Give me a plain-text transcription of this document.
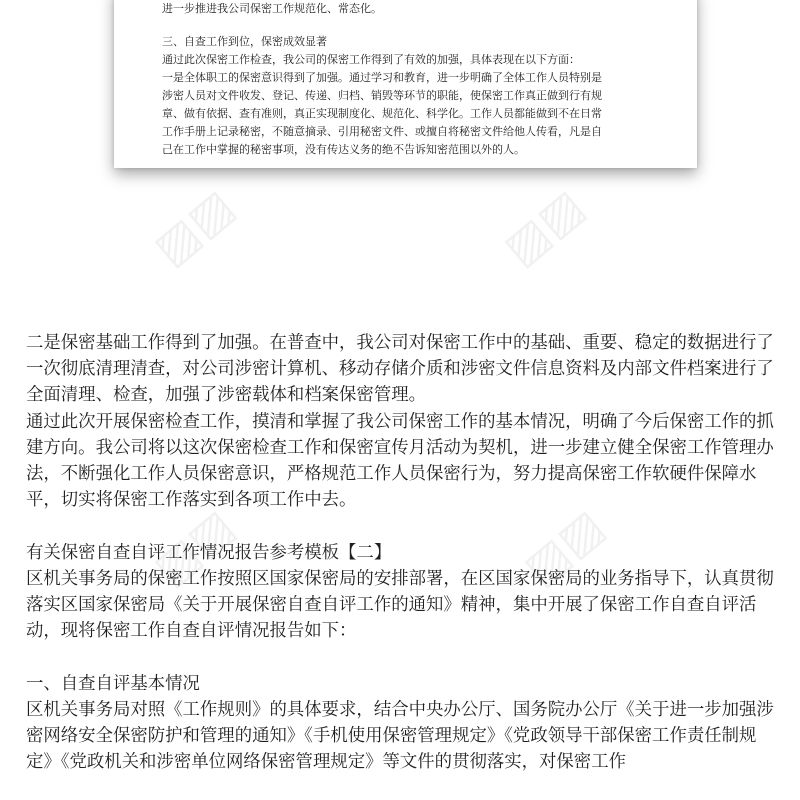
进一步推进我公司保密工作规范化、常态化。

三、自查工作到位，保密成效显著

通过此次保密工作检查，我公司的保密工作得到了有效的加强，具体表现在以下方面：

一是全体职工的保密意识得到了加强。通过学习和教育，进一步明确了全体工作人员特别是

涉密人员对文件收发、登记、传递、归档、销毁等环节的职能，使保密工作真正做到行有规

章、做有依据、查有准则，真正实现制度化、规范化、科学化。工作人员都能做到不在日常

工作手册上记录秘密，不随意摘录、引用秘密文件、或擅自将秘密文件给他人传看，凡是自

己在工作中掌握的秘密事项，没有传达义务的绝不告诉知密范围以外的人。

二是保密基础工作得到了加强。在普查中，我公司对保密工作中的基础、重要、稳定的数据进行了一次彻底清理清查，对公司涉密计算机、移动存储介质和涉密文件信息资料及内部文件档案进行了全面清理、检查，加强了涉密载体和档案保密管理。

通过此次开展保密检查工作，摸清和掌握了我公司保密工作的基本情况，明确了今后保密工作的抓建方向。我公司将以这次保密检查工作和保密宣传月活动为契机，进一步建立健全保密工作管理办法，不断强化工作人员保密意识，严格规范工作人员保密行为，努力提高保密工作软硬件保障水平，切实将保密工作落实到各项工作中去。

有关保密自查自评工作情况报告参考模板【二】

区机关事务局的保密工作按照区国家保密局的安排部署，在区国家保密局的业务指导下，认真贯彻落实区国家保密局《关于开展保密自查自评工作的通知》精神，集中开展了保密工作自查自评活动，现将保密工作自查自评情况报告如下：

一、自查自评基本情况

区机关事务局对照《工作规则》的具体要求，结合中央办公厅、国务院办公厅《关于进一步加强涉密网络安全保密防护和管理的通知》《手机使用保密管理规定》《党政领导干部保密工作责任制规定》《党政机关和涉密单位网络保密管理规定》等文件的贯彻落实，对保密工作

▨▨	▨▨
▨▨
▨▨
